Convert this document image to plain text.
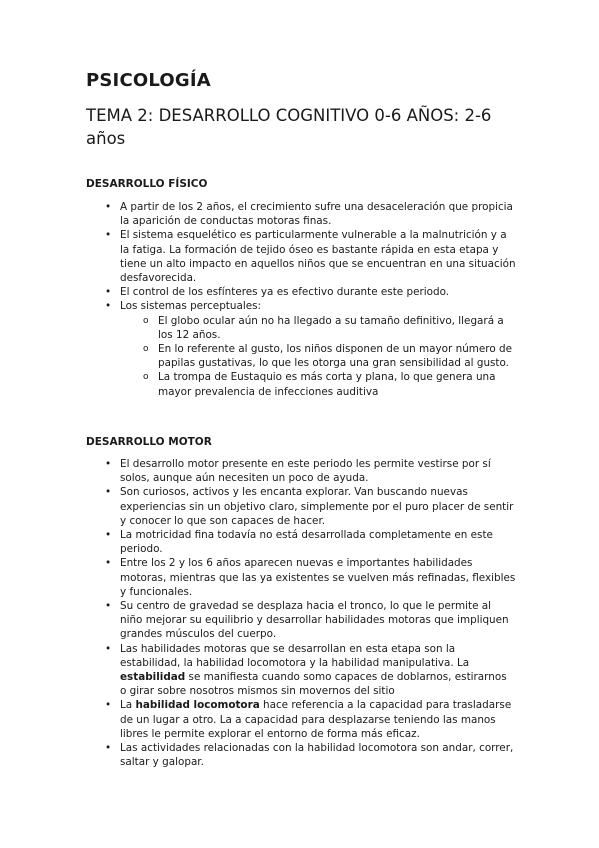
PSICOLOGÍA
TEMA 2: DESARROLLO COGNITIVO 0-6 AÑOS: 2-6 años
DESARROLLO FÍSICO
• A partir de los 2 años, el crecimiento sufre una desaceleración que propicia la aparición de conductas motoras finas.
• El sistema esquelético es particularmente vulnerable a la malnutrición y a la fatiga. La formación de tejido óseo es bastante rápida en esta etapa y tiene un alto impacto en aquellos niños que se encuentran en una situación desfavorecida.
• El control de los esfínteres ya es efectivo durante este periodo.
• Los sistemas perceptuales:
o El globo ocular aún no ha llegado a su tamaño definitivo, llegará a los 12 años.
o En lo referente al gusto, los niños disponen de un mayor número de papilas gustativas, lo que les otorga una gran sensibilidad al gusto.
o La trompa de Eustaquio es más corta y plana, lo que genera una mayor prevalencia de infecciones auditiva
DESARROLLO MOTOR
• El desarrollo motor presente en este periodo les permite vestirse por sí solos, aunque aún necesiten un poco de ayuda.
• Son curiosos, activos y les encanta explorar. Van buscando nuevas experiencias sin un objetivo claro, simplemente por el puro placer de sentir y conocer lo que son capaces de hacer.
• La motricidad fina todavía no está desarrollada completamente en este periodo.
• Entre los 2 y los 6 años aparecen nuevas e importantes habilidades motoras, mientras que las ya existentes se vuelven más refinadas, flexibles y funcionales.
• Su centro de gravedad se desplaza hacia el tronco, lo que le permite al niño mejorar su equilibrio y desarrollar habilidades motoras que impliquen grandes músculos del cuerpo.
• Las habilidades motoras que se desarrollan en esta etapa son la estabilidad, la habilidad locomotora y la habilidad manipulativa. La estabilidad se manifiesta cuando somo capaces de doblarnos, estirarnos o girar sobre nosotros mismos sin movernos del sitio
• La habilidad locomotora hace referencia a la capacidad para trasladarse de un lugar a otro. La a capacidad para desplazarse teniendo las manos libres le permite explorar el entorno de forma más eficaz.
• Las actividades relacionadas con la habilidad locomotora son andar, correr, saltar y galopar.
